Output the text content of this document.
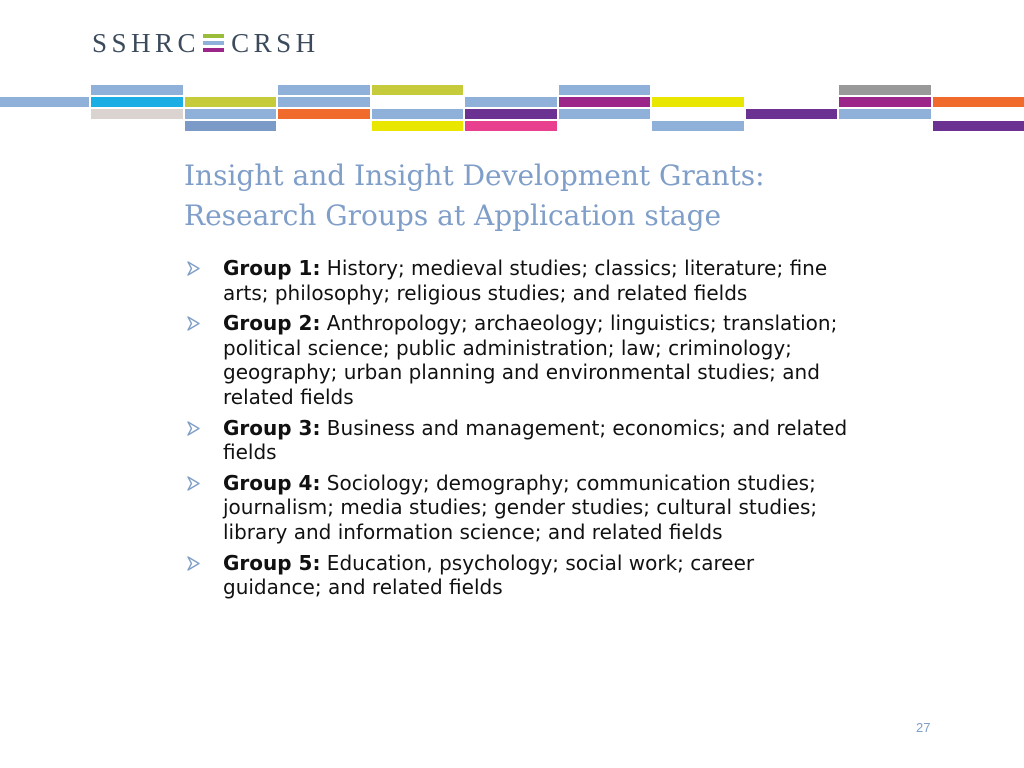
SSHRC CRSH
Insight and Insight Development Grants:
Research Groups at Application stage
Group 1: History; medieval studies; classics; literature; fine arts; philosophy; religious studies; and related fields
Group 2: Anthropology; archaeology; linguistics; translation; political science; public administration; law; criminology; geography; urban planning and environmental studies; and related fields
Group 3: Business and management; economics; and related fields
Group 4: Sociology; demography; communication studies; journalism; media studies; gender studies; cultural studies; library and information science; and related fields
Group 5: Education, psychology; social work; career guidance; and related fields
27
